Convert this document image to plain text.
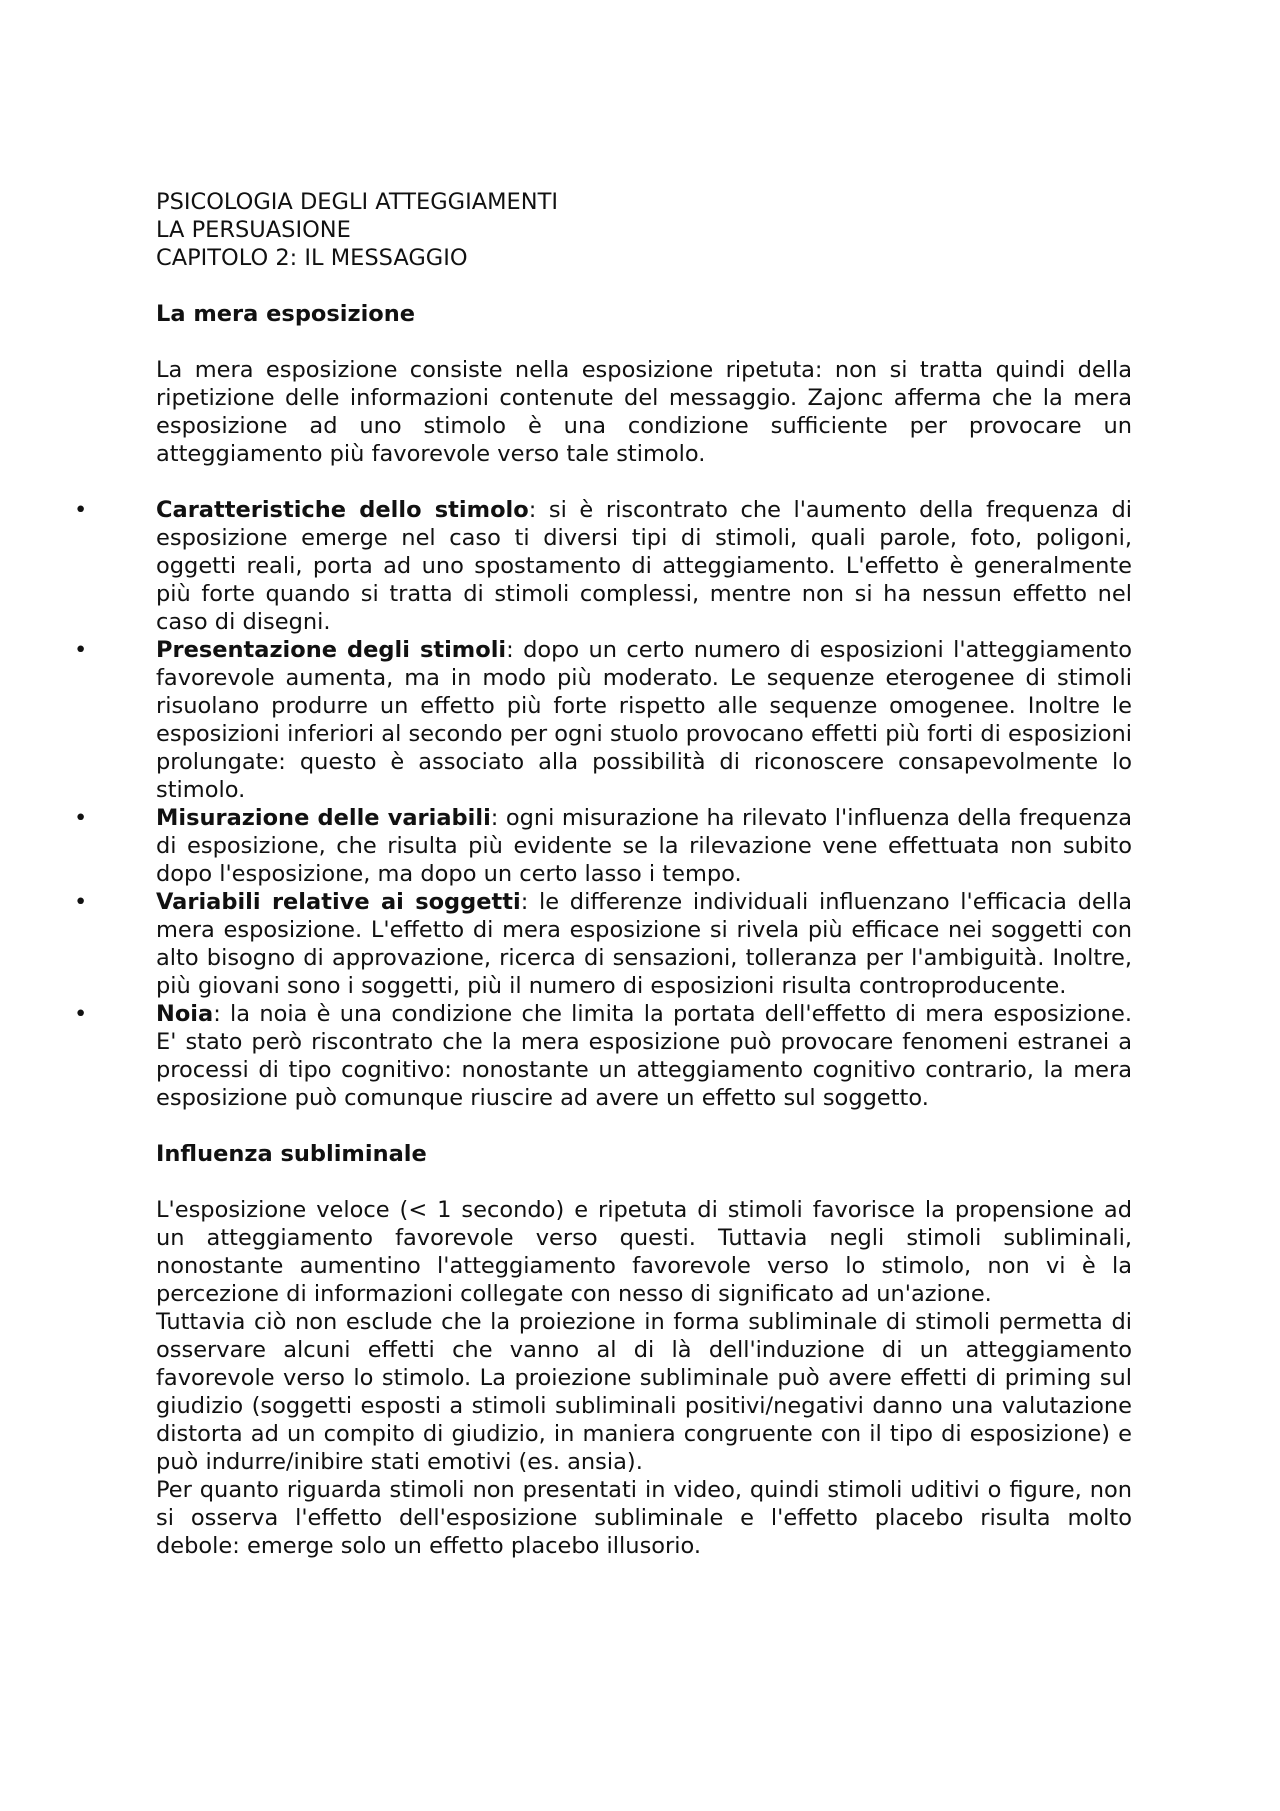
PSICOLOGIA DEGLI ATTEGGIAMENTI
LA PERSUASIONE
CAPITOLO 2: IL MESSAGGIO
La mera esposizione

La mera esposizione consiste nella esposizione ripetuta: non si tratta quindi della ripetizione delle informazioni contenute del messaggio. Zajonc afferma che la mera esposizione ad uno stimolo è una condizione sufficiente per provocare un atteggiamento più favorevole verso tale stimolo.

•	Caratteristiche dello stimolo: si è riscontrato che l'aumento della frequenza di esposizione emerge nel caso ti diversi tipi di stimoli, quali parole, foto, poligoni, oggetti reali, porta ad uno spostamento di atteggiamento. L'effetto è generalmente più forte quando si tratta di stimoli complessi, mentre non si ha nessun effetto nel caso di disegni.
•	Presentazione degli stimoli: dopo un certo numero di esposizioni l'atteggiamento favorevole aumenta, ma in modo più moderato. Le sequenze eterogenee di stimoli risuolano produrre un effetto più forte rispetto alle sequenze omogenee. Inoltre le esposizioni inferiori al secondo per ogni stuolo provocano effetti più forti di esposizioni prolungate: questo è associato alla possibilità di riconoscere consapevolmente lo stimolo.
•	Misurazione delle variabili: ogni misurazione ha rilevato l'influenza della frequenza di esposizione, che risulta più evidente se la rilevazione vene effettuata non subito dopo l'esposizione, ma dopo un certo lasso i tempo.
•	Variabili relative ai soggetti: le differenze individuali influenzano l'efficacia della mera esposizione. L'effetto di mera esposizione si rivela più efficace nei soggetti con alto bisogno di approvazione, ricerca di sensazioni, tolleranza per l'ambiguità. Inoltre, più giovani sono i soggetti, più il numero di esposizioni risulta controproducente.
•	Noia: la noia è una condizione che limita la portata dell'effetto di mera esposizione. E' stato però riscontrato che la mera esposizione può provocare fenomeni estranei a processi di tipo cognitivo: nonostante un atteggiamento cognitivo contrario, la mera esposizione può comunque riuscire ad avere un effetto sul soggetto.
Influenza subliminale

L'esposizione veloce (< 1 secondo) e ripetuta di stimoli favorisce la propensione ad un atteggiamento favorevole verso questi. Tuttavia negli stimoli subliminali, nonostante aumentino l'atteggiamento favorevole verso lo stimolo, non vi è la percezione di informazioni collegate con nesso di significato ad un'azione.

Tuttavia ciò non esclude che la proiezione in forma subliminale di stimoli permetta di osservare alcuni effetti che vanno al di là dell'induzione di un atteggiamento favorevole verso lo stimolo. La proiezione subliminale può avere effetti di priming sul giudizio (soggetti esposti a stimoli subliminali positivi/negativi danno una valutazione distorta ad un compito di giudizio, in maniera congruente con il tipo di esposizione) e può indurre/inibire stati emotivi (es. ansia).

Per quanto riguarda stimoli non presentati in video, quindi stimoli uditivi o figure, non si osserva l'effetto dell'esposizione subliminale e l'effetto placebo risulta molto debole: emerge solo un effetto placebo illusorio.
